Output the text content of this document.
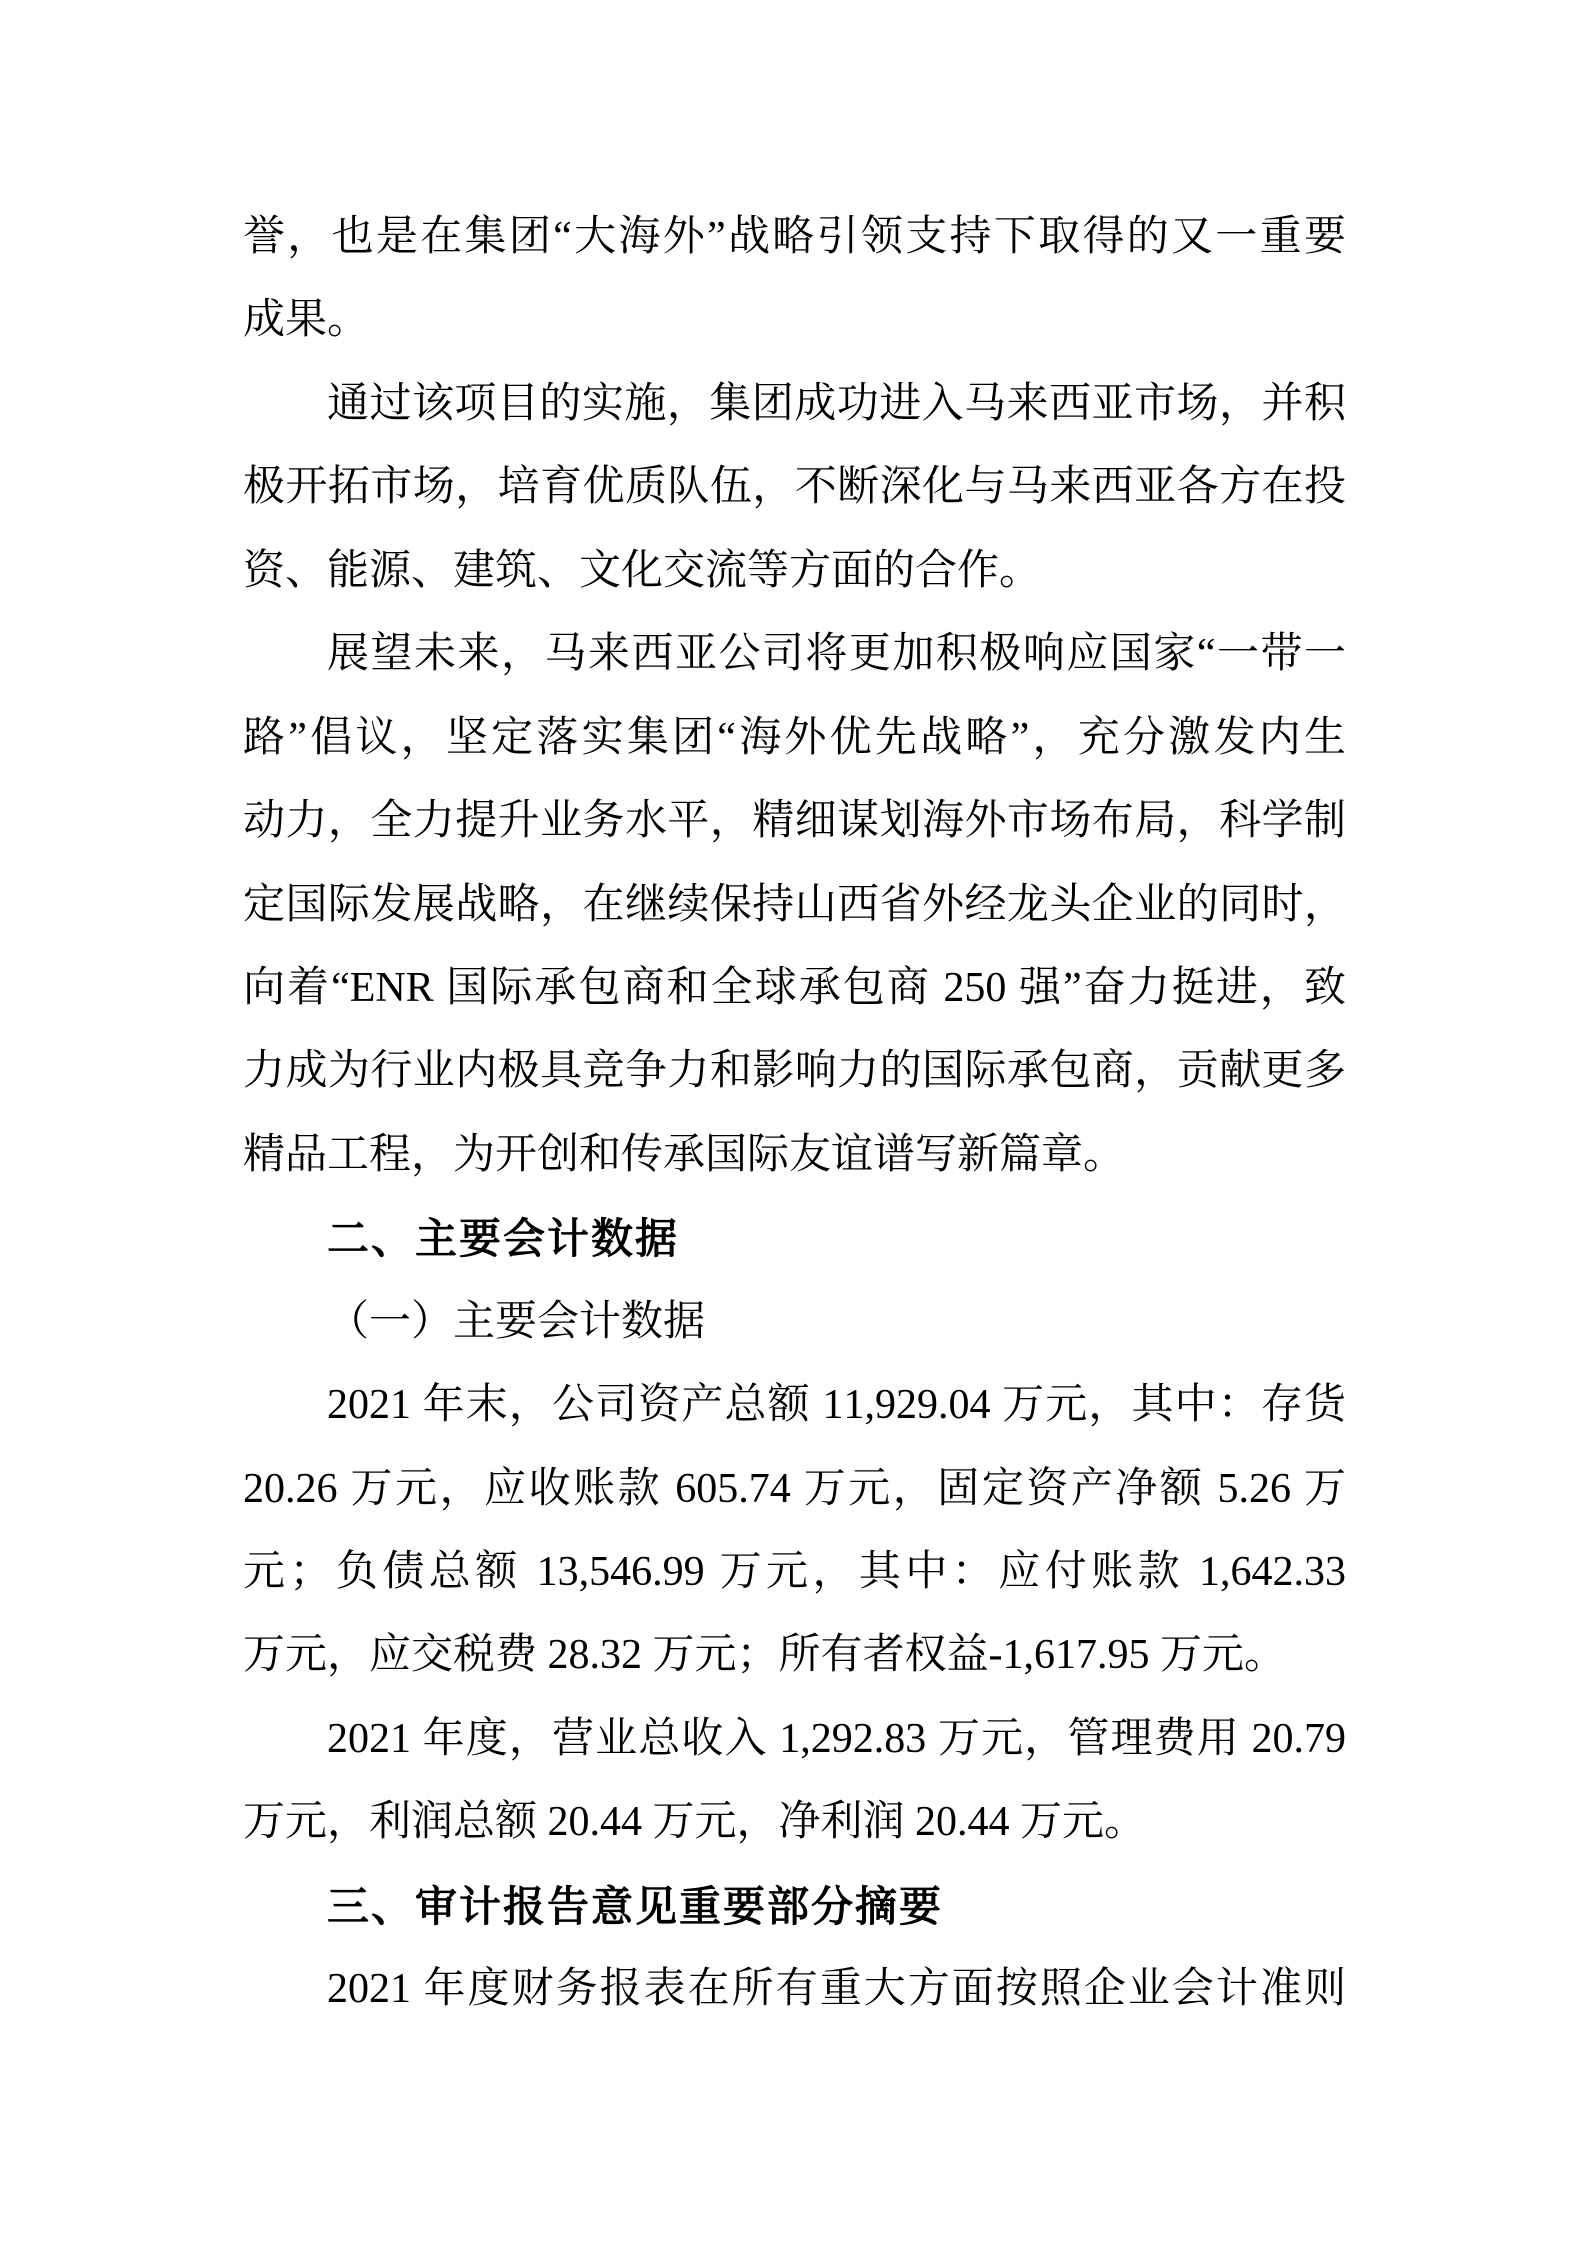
誉，也是在集团“大海外”战略引领支持下取得的又一重要
成果。
通过该项目的实施，集团成功进入马来西亚市场，并积
极开拓市场，培育优质队伍，不断深化与马来西亚各方在投
资、能源、建筑、文化交流等方面的合作。
展望未来，马来西亚公司将更加积极响应国家“一带一
路”倡议，坚定落实集团“海外优先战略”，充分激发内生
动力，全力提升业务水平，精细谋划海外市场布局，科学制
定国际发展战略，在继续保持山西省外经龙头企业的同时，
向着“ENR 国际承包商和全球承包商 250 强”奋力挺进，致
力成为行业内极具竞争力和影响力的国际承包商，贡献更多
精品工程，为开创和传承国际友谊谱写新篇章。
二、主要会计数据
（一）主要会计数据
2021 年末，公司资产总额 11,929.04 万元，其中：存货
20.26 万元，应收账款 605.74 万元，固定资产净额 5.26 万
元；负债总额 13,546.99 万元，其中：应付账款 1,642.33
万元，应交税费 28.32 万元；所有者权益-1,617.95 万元。
2021 年度，营业总收入 1,292.83 万元，管理费用 20.79
万元，利润总额 20.44 万元，净利润 20.44 万元。
三、审计报告意见重要部分摘要
2021 年度财务报表在所有重大方面按照企业会计准则
